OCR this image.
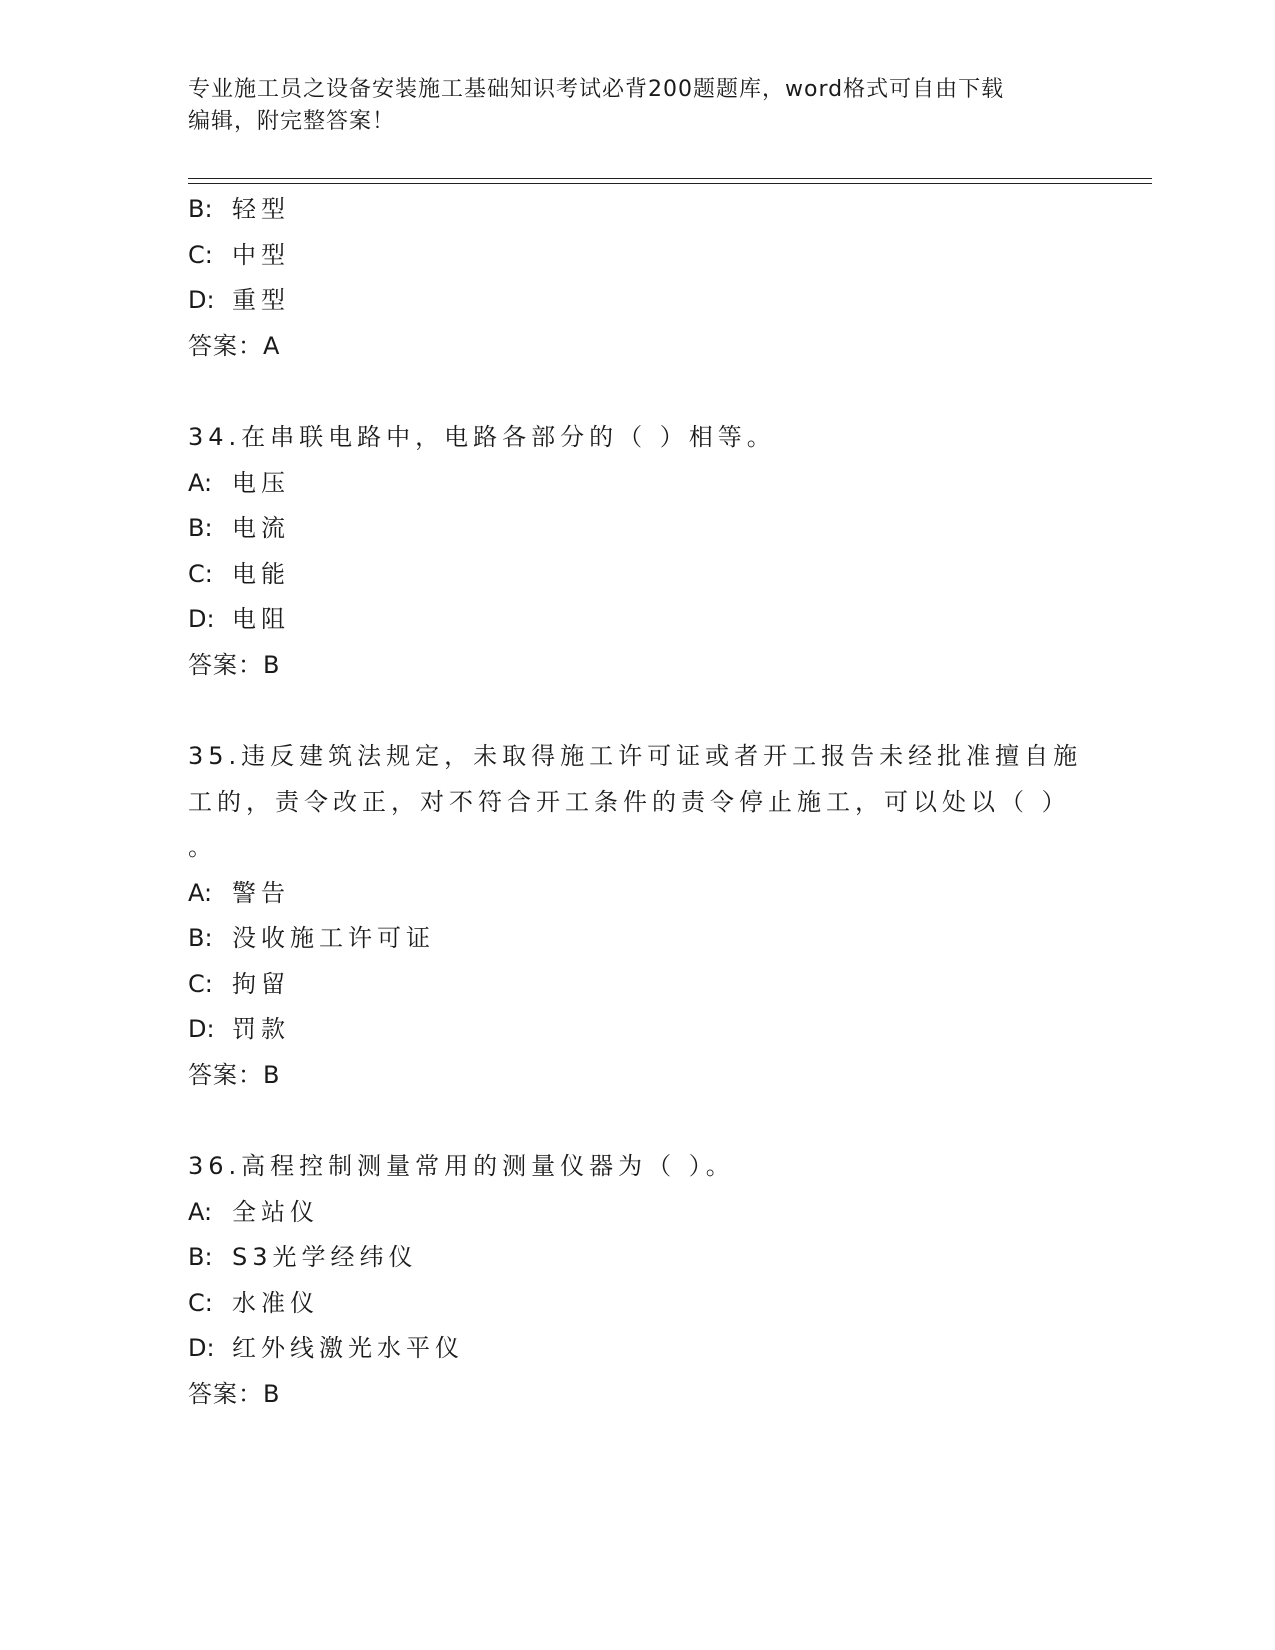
专业施工员之设备安装施工基础知识考试必背200题题库，word格式可自由下载
编辑，附完整答案！
B: 轻型
C: 中型
D: 重型
答案：A
34.在串联电路中，电路各部分的（ ）相等。
A: 电压
B: 电流
C: 电能
D: 电阻
答案：B
35.违反建筑法规定，未取得施工许可证或者开工报告未经批准擅自施
工的，责令改正，对不符合开工条件的责令停止施工，可以处以（ ）
。
A: 警告
B: 没收施工许可证
C: 拘留
D: 罚款
答案：B
36.高程控制测量常用的测量仪器为（ ）。
A: 全站仪
B: S3光学经纬仪
C: 水准仪
D: 红外线激光水平仪
答案：B
